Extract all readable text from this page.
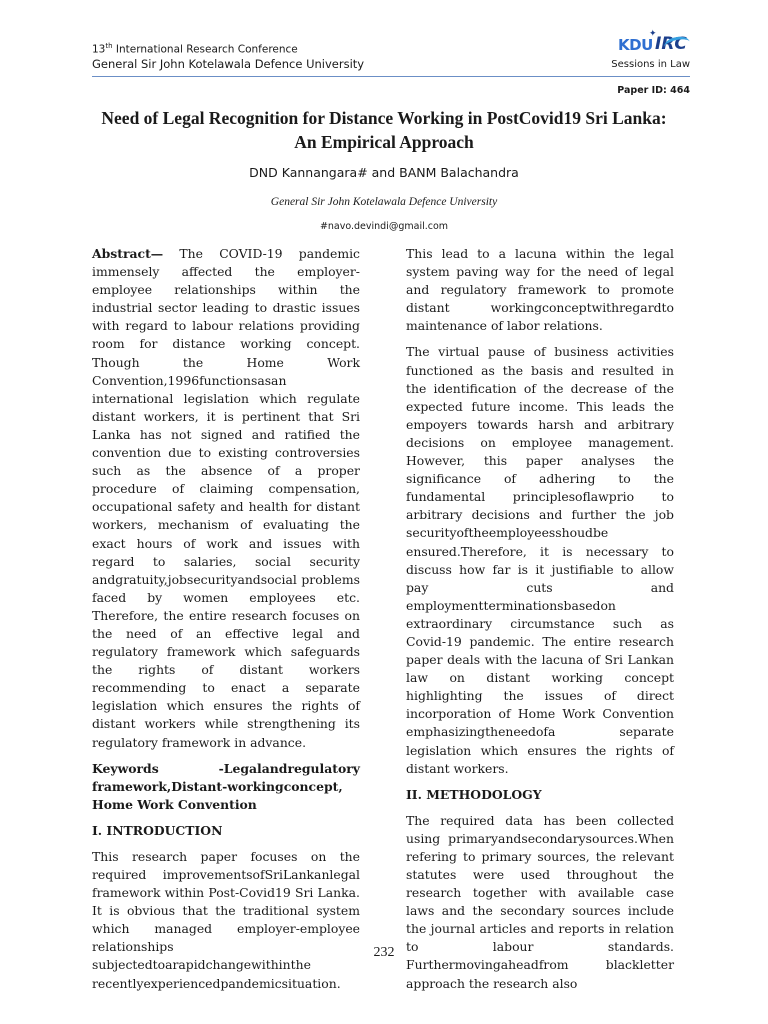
13th International Research Conference
General Sir John Kotelawala Defence University
✦
KDU IRC
Sessions in Law
Paper ID: 464
Need of Legal Recognition for Distance Working in PostCovid19 Sri Lanka: An Empirical Approach
DND Kannangara# and BANM Balachandra
General Sir John Kotelawala Defence University
#navo.devindi@gmail.com

Abstract— The COVID-19 pandemic immensely affected the employer-employee relationships within the industrial sector leading to drastic issues with regard to labour relations providing room for distance working concept. Though the Home Work Convention,1996functionsasan international legislation which regulate distant workers, it is pertinent that Sri Lanka has not signed and ratified the convention due to existing controversies such as the absence of a proper procedure of claiming compensation, occupational safety and health for distant workers, mechanism of evaluating the exact hours of work and issues with regard to salaries, social security andgratuity,jobsecurityandsocial problems faced by women employees etc. Therefore, the entire research focuses on the need of an effective legal and regulatory framework which safeguards the rights of distant workers recommending to enact a separate legislation which ensures the rights of distant workers while strengthening its regulatory framework in advance.

Keywords -Legalandregulatory framework,Distant-workingconcept, Home Work Convention

I. INTRODUCTION

This research paper focuses on the required improvementsofSriLankanlegal framework within Post-Covid19 Sri Lanka. It is obvious that the traditional system which managed employer-employee relationships subjectedtoarapidchangewithinthe recentlyexperiencedpandemicsituation.

This lead to a lacuna within the legal system paving way for the need of legal and regulatory framework to promote distant workingconceptwithregardto maintenance of labor relations.

The virtual pause of business activities functioned as the basis and resulted in the identification of the decrease of the expected future income. This leads the empoyers towards harsh and arbitrary decisions on employee management. However, this paper analyses the significance of adhering to the fundamental principlesoflawprio to arbitrary decisions and further the job securityoftheemployeesshoudbe ensured.Therefore, it is necessary to discuss how far is it justifiable to allow pay cuts and employmentterminationsbasedon extraordinary circumstance such as Covid-19 pandemic. The entire research paper deals with the lacuna of Sri Lankan law on distant working concept highlighting the issues of direct incorporation of Home Work Convention emphasizingtheneedofa separate legislation which ensures the rights of distant workers.

II. METHODOLOGY

The required data has been collected using primaryandsecondarysources.When refering to primary sources, the relevant statutes were used throughout the research together with available case laws and the secondary sources include the journal articles and reports in relation to labour standards. Furthermovingaheadfrom blackletter approach the research also

232
